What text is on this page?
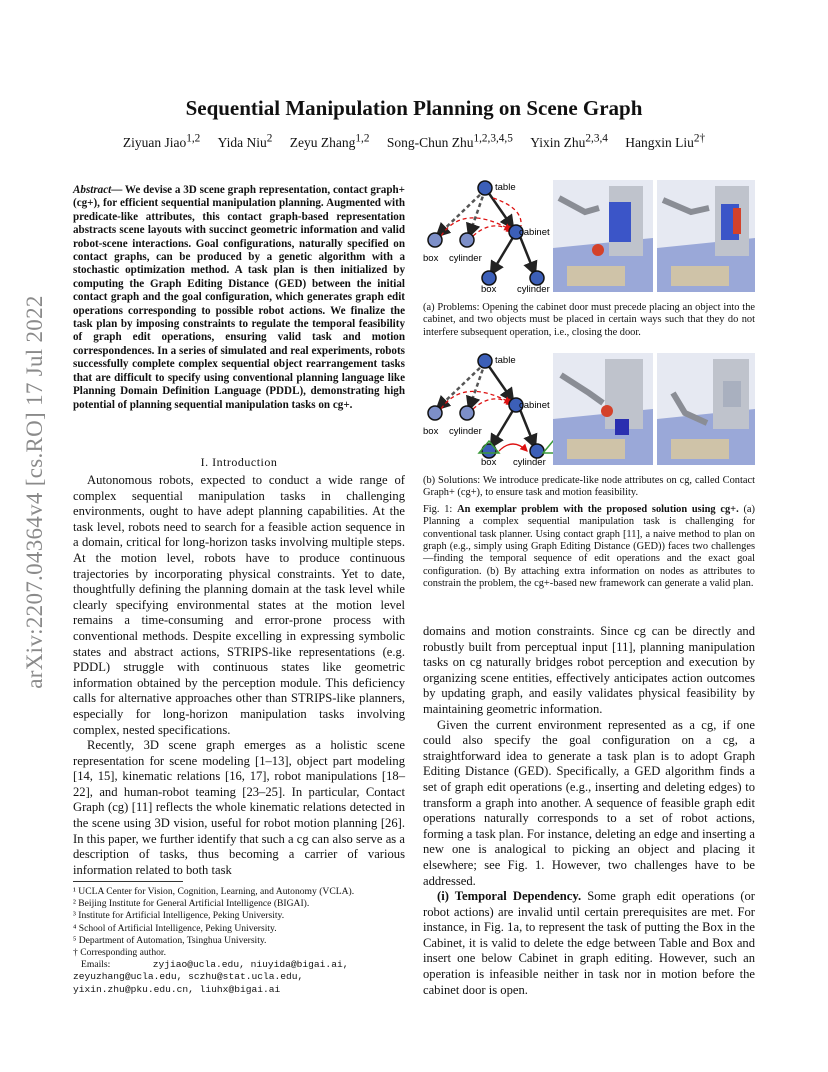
arXiv:2207.04364v4 [cs.RO] 17 Jul 2022
Sequential Manipulation Planning on Scene Graph
Ziyuan Jiao$^{1,2}$ Yida Niu$^2$ Zeyu Zhang$^{1,2}$ Song-Chun Zhu$^{1,2,3,4,5}$ Yixin Zhu$^{2,3,4}$ Hangxin Liu$^{2\dagger}$
Abstract— We devise a 3D scene graph representation, contact graph+ (cg+), for efficient sequential manipulation planning. Augmented with predicate-like attributes, this contact graph-based representation abstracts scene layouts with succinct geometric information and valid robot-scene interactions. Goal configurations, naturally specified on contact graphs, can be produced by a genetic algorithm with a stochastic optimization method. A task plan is then initialized by computing the Graph Editing Distance (GED) between the initial contact graph and the goal configuration, which generates graph edit operations corresponding to possible robot actions. We finalize the task plan by imposing constraints to regulate the temporal feasibility of graph edit operations, ensuring valid task and motion correspondences. In a series of simulated and real experiments, robots successfully complete complex sequential object rearrangement tasks that are difficult to specify using conventional planning language like Planning Domain Definition Language (PDDL), demonstrating high potential of planning sequential manipulation tasks on cg+.
I. Introduction

Autonomous robots, expected to conduct a wide range of complex sequential manipulation tasks in challenging environments, ought to have adept planning capabilities. At the task level, robots need to search for a feasible action sequence in a domain, critical for long-horizon tasks involving multiple steps. At the motion level, robots have to produce continuous trajectories by incorporating physical constraints. Yet to date, thoughtfully defining the planning domain at the task level while clearly specifying environmental states at the motion level remains a time-consuming and error-prone process with conventional methods. Despite excelling in expressing symbolic states and abstract actions, STRIPS-like representations (e.g. PDDL) struggle with continuous states like geometric information obtained by the perception module. This deficiency calls for alternative approaches other than STRIPS-like planners, especially for long-horizon manipulation tasks involving complex, nested specifications.

Recently, 3D scene graph emerges as a holistic scene representation for scene modeling [1–13], object part modeling [14, 15], kinematic relations [16, 17], robot manipulations [18–22], and human-robot teaming [23–25]. In particular, Contact Graph (cg) [11] reflects the whole kinematic relations detected in the scene using 3D vision, useful for robot motion planning [26]. In this paper, we further identify that such a cg can also serve as a description of tasks, thus becoming a carrier of various information related to both task

¹ UCLA Center for Vision, Cognition, Learning, and Autonomy (VCLA).
² Beijing Institute for General Artificial Intelligence (BIGAI).
³ Institute for Artificial Intelligence, Peking University.
⁴ School of Artificial Intelligence, Peking University.
⁵ Department of Automation, Tsinghua University.
† Corresponding author.
Emails:	zyjiao@ucla.edu, niuyida@bigai.ai,
zeyuzhang@ucla.edu, sczhu@stat.ucla.edu,
yixin.zhu@pku.edu.cn, liuhx@bigai.ai
table
cabinet
box cylinder
box cylinder
(a) Problems: Opening the cabinet door must precede placing an object into the cabinet, and two objects must be placed in certain ways such that they do not interfere subsequent operation, i.e., closing the door.
table
cabinet
box cylinder
box cylinder
(b) Solutions: We introduce predicate-like node attributes on cg, called Contact Graph+ (cg+), to ensure task and motion feasibility.
Fig. 1: An exemplar problem with the proposed solution using cg+. (a) Planning a complex sequential manipulation task is challenging for conventional task planner. Using contact graph [11], a naive method to plan on graph (e.g., simply using Graph Editing Distance (GED)) faces two challenges—finding the temporal sequence of edit operations and the exact goal configuration. (b) By attaching extra information on nodes as attributes to constrain the problem, the cg+-based new framework can generate a valid plan.

domains and motion constraints. Since cg can be directly and robustly built from perceptual input [11], planning manipulation tasks on cg naturally bridges robot perception and execution by organizing scene entities, effectively anticipates action outcomes by updating graph, and easily validates physical feasibility by maintaining geometric information.

Given the current environment represented as a cg, if one could also specify the goal configuration on a cg, a straightforward idea to generate a task plan is to adopt Graph Editing Distance (GED). Specifically, a GED algorithm finds a set of graph edit operations (e.g., inserting and deleting edges) to transform a graph into another. A sequence of feasible graph edit operations naturally corresponds to a set of robot actions, forming a task plan. For instance, deleting an edge and inserting a new one is analogical to picking an object and placing it elsewhere; see Fig. 1. However, two challenges have to be addressed.

(i) Temporal Dependency. Some graph edit operations (or robot actions) are invalid until certain prerequisites are met. For instance, in Fig. 1a, to represent the task of putting the Box in the Cabinet, it is valid to delete the edge between Table and Box and insert one below Cabinet in graph editing. However, such an operation is infeasible neither in task nor in motion before the cabinet door is open.
